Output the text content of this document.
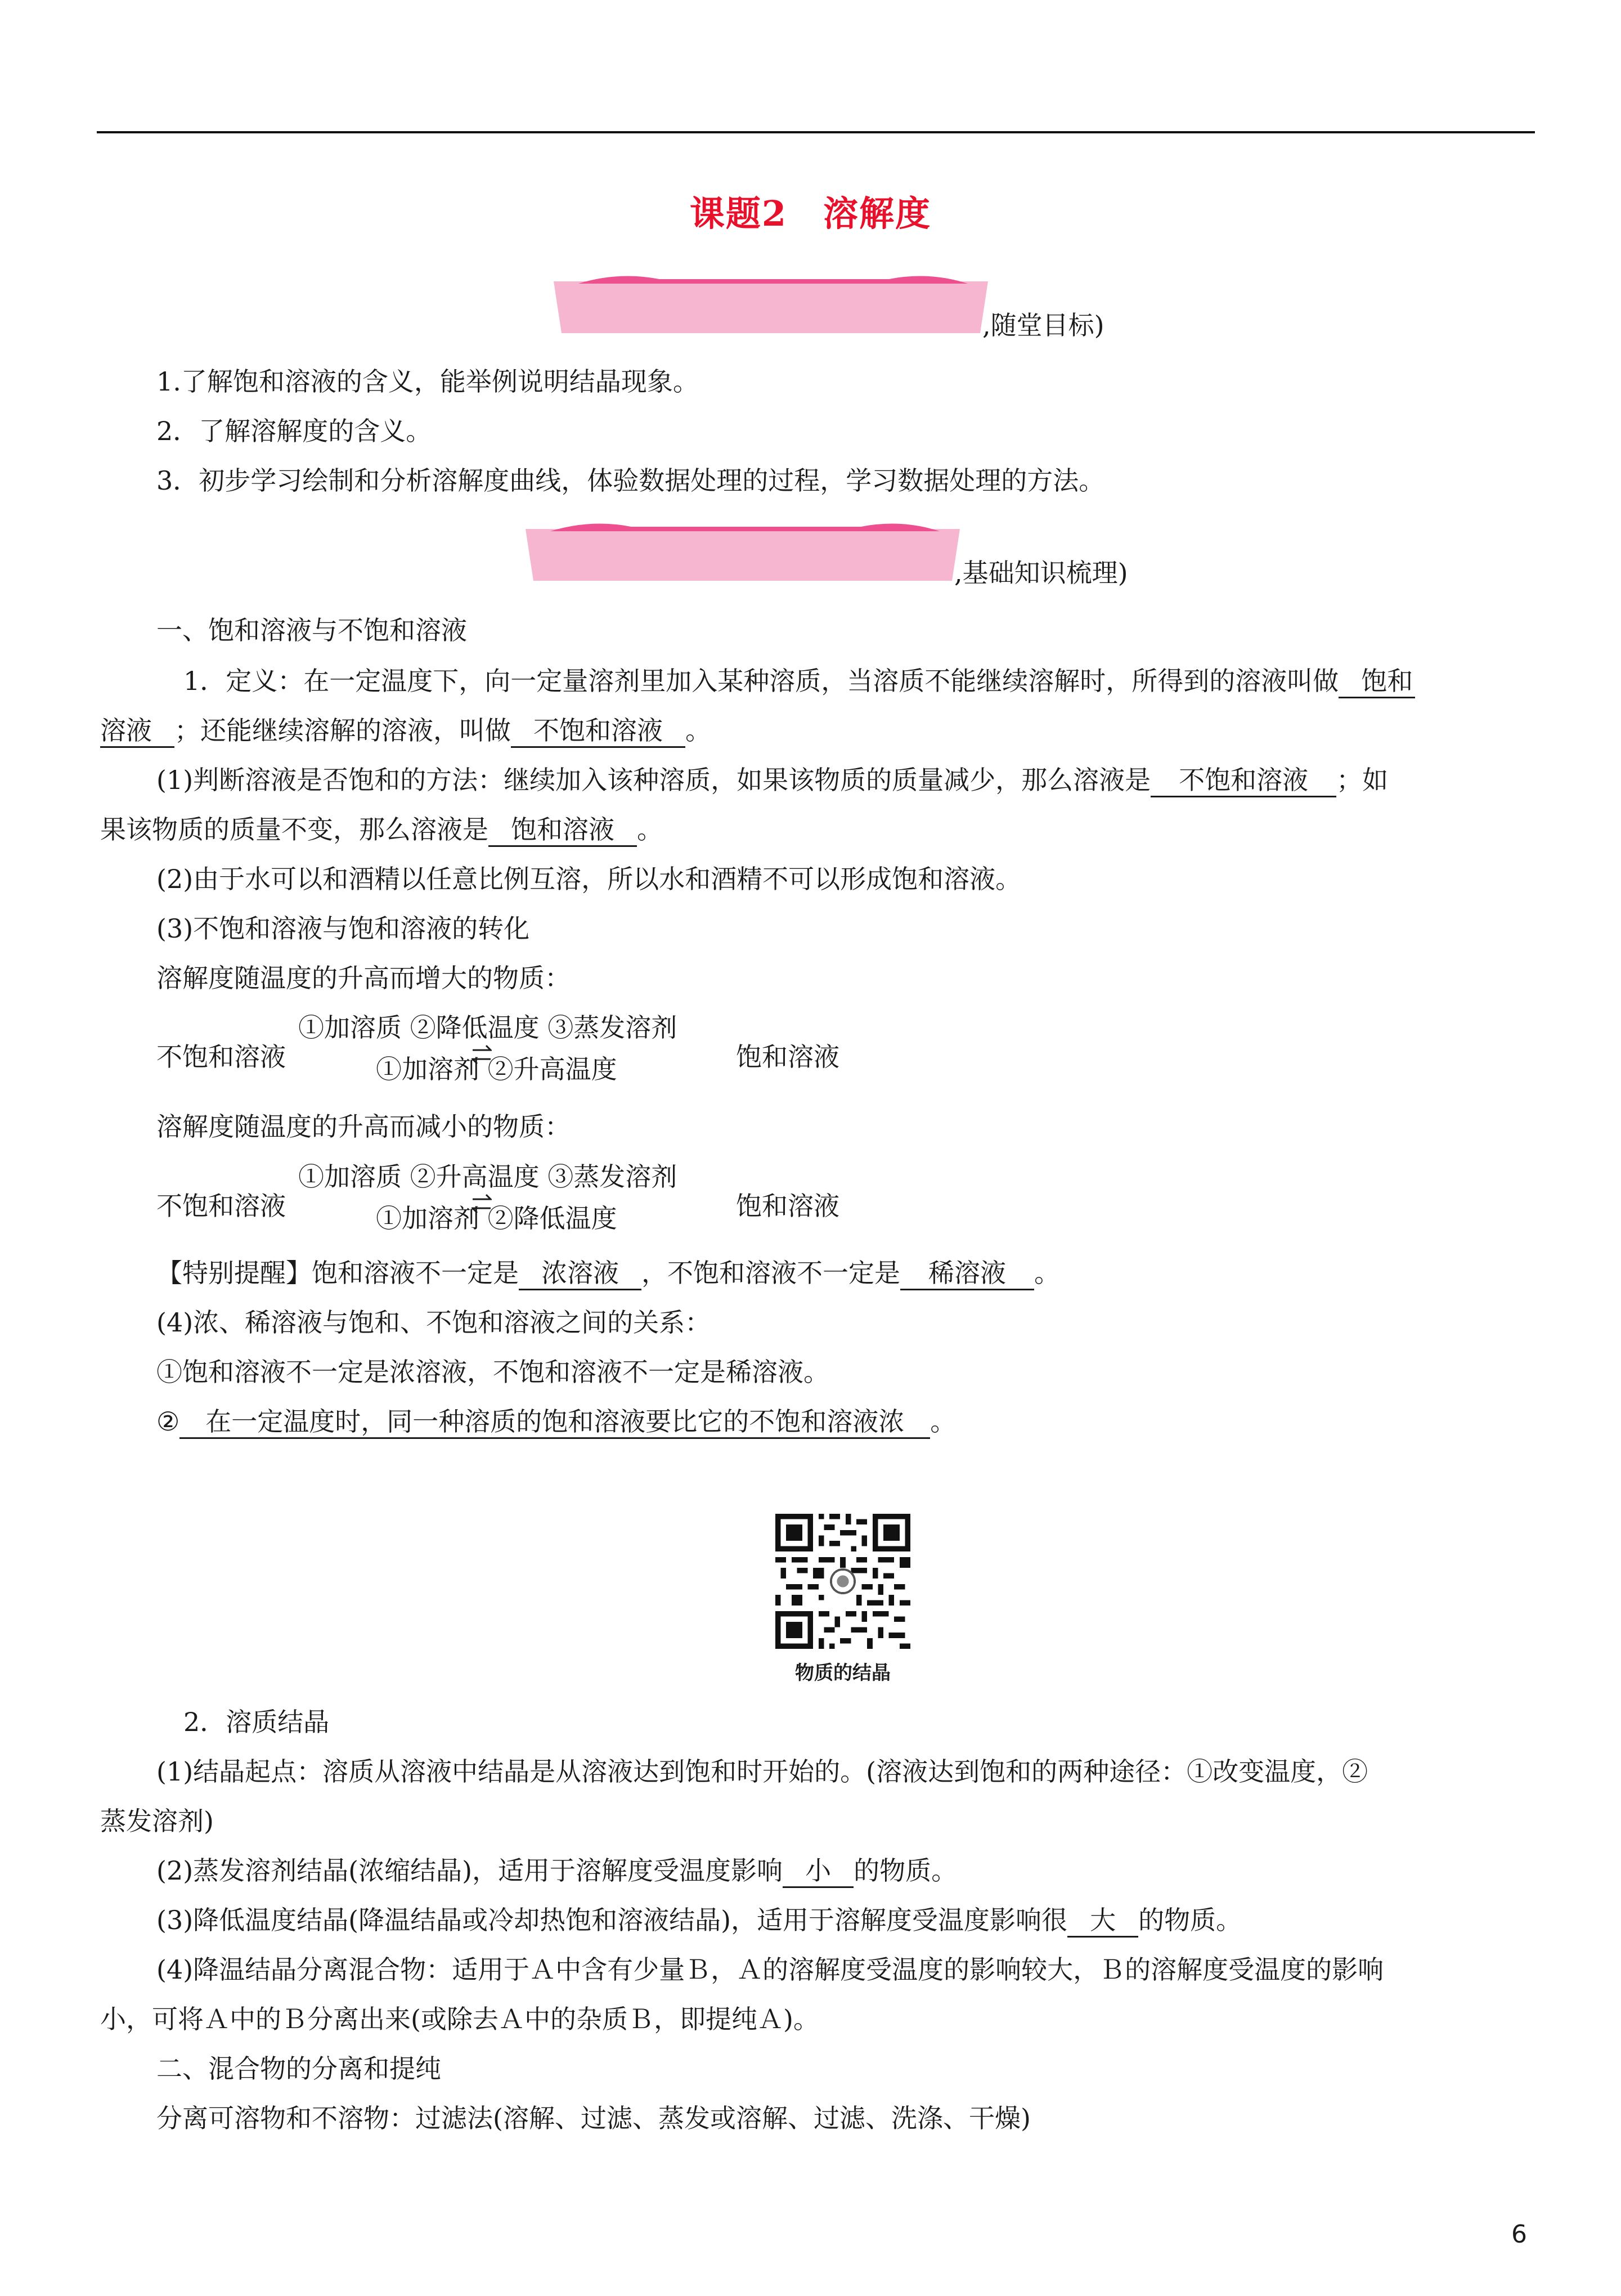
课题2　溶解度
,随堂目标)
1.了解饱和溶液的含义，能举例说明结晶现象。
2．了解溶解度的含义。
3．初步学习绘制和分析溶解度曲线，体验数据处理的过程，学习数据处理的方法。
,基础知识梳理)
一、饱和溶液与不饱和溶液
1．定义：在一定温度下，向一定量溶剂里加入某种溶质，当溶质不能继续溶解时，所得到的溶液叫做 饱和
溶液 ；还能继续溶解的溶液，叫做 不饱和溶液 。
(1)判断溶液是否饱和的方法：继续加入该种溶质，如果该物质的质量减少，那么溶液是 不饱和溶液 ；如
果该物质的质量不变，那么溶液是 饱和溶液 。
(2)由于水可以和酒精以任意比例互溶，所以水和酒精不可以形成饱和溶液。
(3)不饱和溶液与饱和溶液的转化
溶解度随温度的升高而增大的物质：
不饱和溶液
①加溶质 ②降低温度 ③蒸发溶剂
①加溶剂 ②升高温度	饱和溶液
溶解度随温度的升高而减小的物质：
不饱和溶液
①加溶质 ②升高温度 ③蒸发溶剂
①加溶剂 ②降低温度	饱和溶液
【特别提醒】饱和溶液不一定是 浓溶液 ，不饱和溶液不一定是 稀溶液 。
(4)浓、稀溶液与饱和、不饱和溶液之间的关系：
①饱和溶液不一定是浓溶液，不饱和溶液不一定是稀溶液。
② 在一定温度时，同一种溶质的饱和溶液要比它的不饱和溶液浓 。
物质的结晶
2．溶质结晶
(1)结晶起点：溶质从溶液中结晶是从溶液达到饱和时开始的。(溶液达到饱和的两种途径：①改变温度，②
蒸发溶剂)
(2)蒸发溶剂结晶(浓缩结晶)，适用于溶解度受温度影响 小 的物质。
(3)降低温度结晶(降温结晶或冷却热饱和溶液结晶)，适用于溶解度受温度影响很 大 的物质。
(4)降温结晶分离混合物：适用于Ａ中含有少量Ｂ，Ａ的溶解度受温度的影响较大，Ｂ的溶解度受温度的影响
小，可将Ａ中的Ｂ分离出来(或除去Ａ中的杂质Ｂ，即提纯Ａ)。
二、混合物的分离和提纯
分离可溶物和不溶物：过滤法(溶解、过滤、蒸发或溶解、过滤、洗涤、干燥)
6
